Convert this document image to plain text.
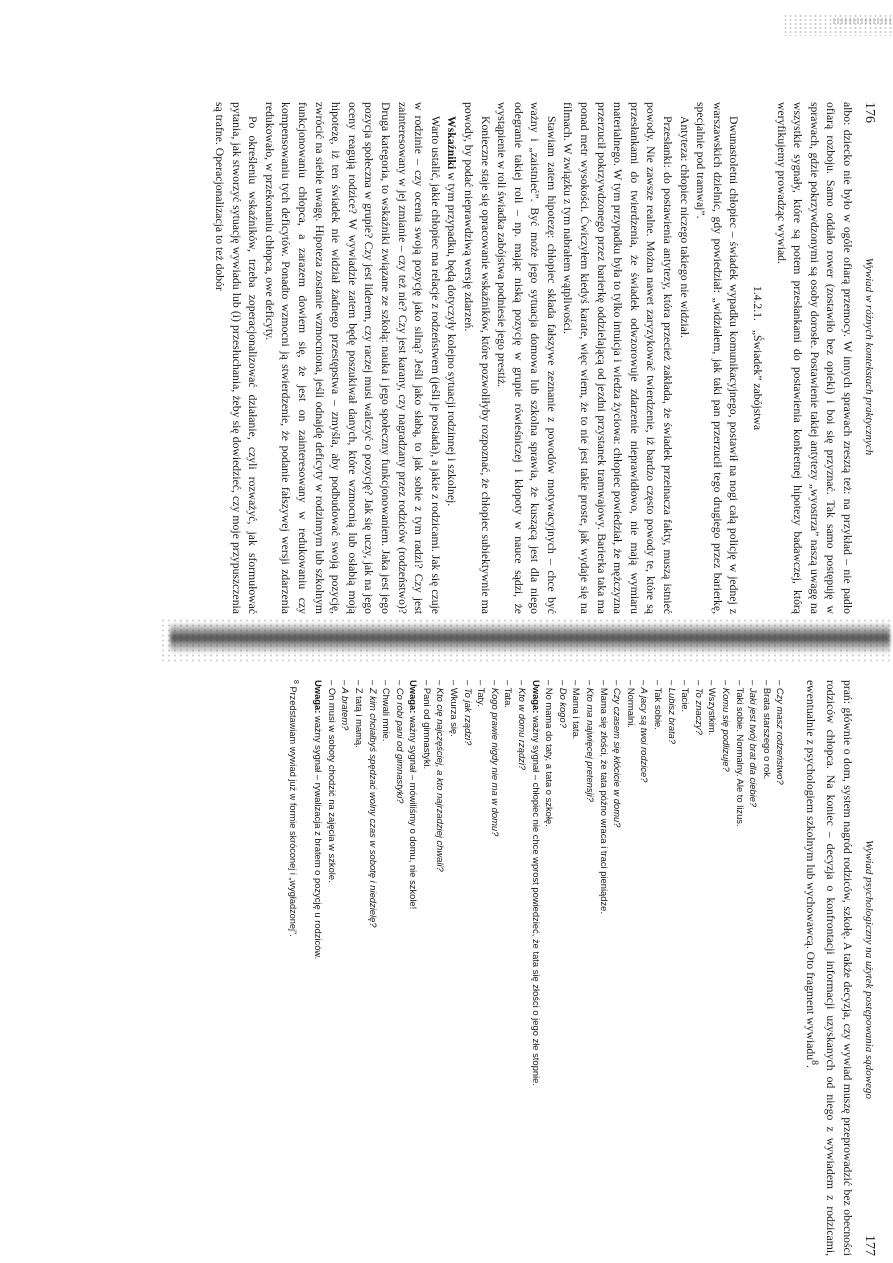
176
Wywiad w różnych kontekstach praktycznych

albo: dziecko nie było w ogóle ofiarą przemocy. W innych sprawach zresztą też: na przykład – nie padło ofiarą rozboju. Samo oddało rower (zostawiło bez opieki) i boi się przyznać. Tak samo postępuję w sprawach, gdzie pokrzywdzonymi są osoby dorosłe. Postawienie takiej antytezy „wyostrza” naszą uwagę na wszystkie sygnały, które są potem przesłankami do postawienia konkretnej hipotezy badawczej, którą weryfikujemy prowadząc wywiad.

1.4.2.1. „Świadek” zabójstwa

Dwunastoletni chłopiec – świadek wypadku komunikacyjnego, postawił na nogi całą policję w jednej z warszawskich dzielnic, gdy powiedział: „widziałem, jak taki pan przerzucił tego drugiego przez barierkę, specjalnie pod tramwaj”.

Antyteza: chłopiec niczego takiego nie widział.

Przesłanki: do postawienia antytezy, która przecież zakłada, że świadek przeinacza fakty, muszą istnieć powody. Nie zawsze realne. Można nawet zaryzykować twierdzenie, iż bardzo często powody te, które są przesłankami do twierdzenia, że świadek odwzorowuje zdarzenie nieprawidłowo, nie mają wymiaru materialnego. W tym przypadku była to tylko intuicja i wiedza życiowa: chłopiec powiedział, że mężczyzna przerzucił pokrzywdzonego przez barierkę oddzielającą od jezdni przystanek tramwajowy. Barierka taka ma ponad metr wysokości. Ćwiczyłem kiedyś karate, więc wiem, że to nie jest takie proste, jak wydaje się na filmach. W związku z tym nabrałem wątpliwości.

Stawiam zatem hipotezę: chłopiec składa fałszywe zeznanie z powodów motywacyjnych – chce być ważny i „zaistnieć”. Być może jego sytuacja domowa lub szkolna sprawia, że kuszącą jest dla niego odegranie takiej roli – np. mając niską pozycję w grupie rówieśniczej i kłopoty w nauce sądzi, że wystąpienie w roli świadka zabójstwa podniesie jego prestiż.

Konieczne staje się opracowanie wskaźników, które pozwoliłyby rozpoznać, że chłopiec subiektywnie ma powody, by podać nieprawdziwą wersję zdarzeń.

Wskaźniki w tym przypadku, będą dotyczyły kolejno sytuacji rodzinnej i szkolnej.

Warto ustalić, jakie chłopiec ma relacje z rodzeństwem (jeśli je posiada), a jakie z rodzicami. Jak się czuje w rodzinie – czy ocenia swoją pozycję jako silną? Jeśli jako słabą, to jak sobie z tym radzi? Czy jest zainteresowany w jej zmianie – czy też nie? Czy jest karany, czy nagradzany przez rodziców (rodzeństwo)? Druga kategoria, to wskaźniki związane ze szkołą: nauka i jego społeczny funkcjonowaniem. Jaka jest jego pozycja społeczna w grupie? Czy jest liderem, czy raczej musi walczyć o pozycję? Jak się uczy, jak na jego oceny reagują rodzice? W wywiadzie zatem będę poszukiwał danych, które wzmocnią lub osłabią moją hipotezę, iż ten świadek nie widział żadnego przestępstwa – zmyśla, aby podbudować swoją pozycję, zwrócić na siebie uwagę. Hipoteza zostanie wzmocniona, jeśli odnajdę deficyty w rodzinnym lub szkolnym funkcjonowaniu chłopca, a zarazem dowiem się, że jest on zainteresowany w redukowaniu czy kompensowaniu tych deficytów. Ponadto wzmocni ją stwierdzenie, że podanie fałszywej wersji zdarzenia redukowało, w przekonaniu chłopca, owe deficyty.

Po określeniu wskaźników, trzeba zoperacjonalizować działanie, czyli rozważyć, jak sformułować pytania, jak stworzyć sytuację wywiadu lub (i) przesłuchania, żeby się dowiedzieć, czy moje przypuszczenia są trafne. Operacjonalizacja to też dobór

Wywiad psychologiczny na użytek postępowania sądowego
177

prań: głównie o dom, system nagród rodziców, szkołę. A także decyzja, czy wywiad muszę przeprowadzić bez obecności rodziców chłopca. Na koniec – decyzja o konfrontacji informacji uzyskanych od niego z wywiadem z rodzicami, ewentualnie z psychologiem szkolnym lub wychowawcą. Oto fragment wywiadu$^8$.

– Czy masz rodzeństwo?
– Brata starszego o rok.
– Jaki jest twój brat dla ciebie?
– Taki sobie. Normalny. Ale to lizus.
– Komu się podlizuje?
– Wszystkim.
– To znaczy?
– Tacie.
– Lubisz brata?
– Tak sobie.
– A jacy są twoi rodzice?
– Normalni.
– Czy czasem się kłócicie w domu?
– Mama się złości, że tata późno wraca i traci pieniądze.
– Kto ma najwięcej pretensji?
– Mama i tata.
– Do kogo?
– No mama do taty, a tata o szkołę.
Uwaga: ważny sygnał – chłopiec nie chce wprost powiedzieć, że tata się złości o jego złe stopnie.
– Kto w domu rządzi?
– Tata.
– Kogo prawie nigdy nie ma w domu?
– Taty.
– To jak rządzi?
– Wkurza się.
– Kto cię najczęściej, a kto najrzadziej chwali?
– Pani od gimnastyki.
Uwaga: ważny sygnał – mówiliśmy o domu, nie szkole!
– Co robi pani od gimnastyki?
– Chwali mnie.
– Z kim chciałbyś spędzać wolny czas w sobotę i niedzielę?
– Z tatą i mamą.
– A bratem?
– On musi w soboty chodzić na zajęcia w szkole.
Uwaga: ważny sygnał – rywalizacja z bratem o pozycję u rodziców.
$^8$ Przedstawiam wywiad już w formie skróconej i „wygładzonej”.
